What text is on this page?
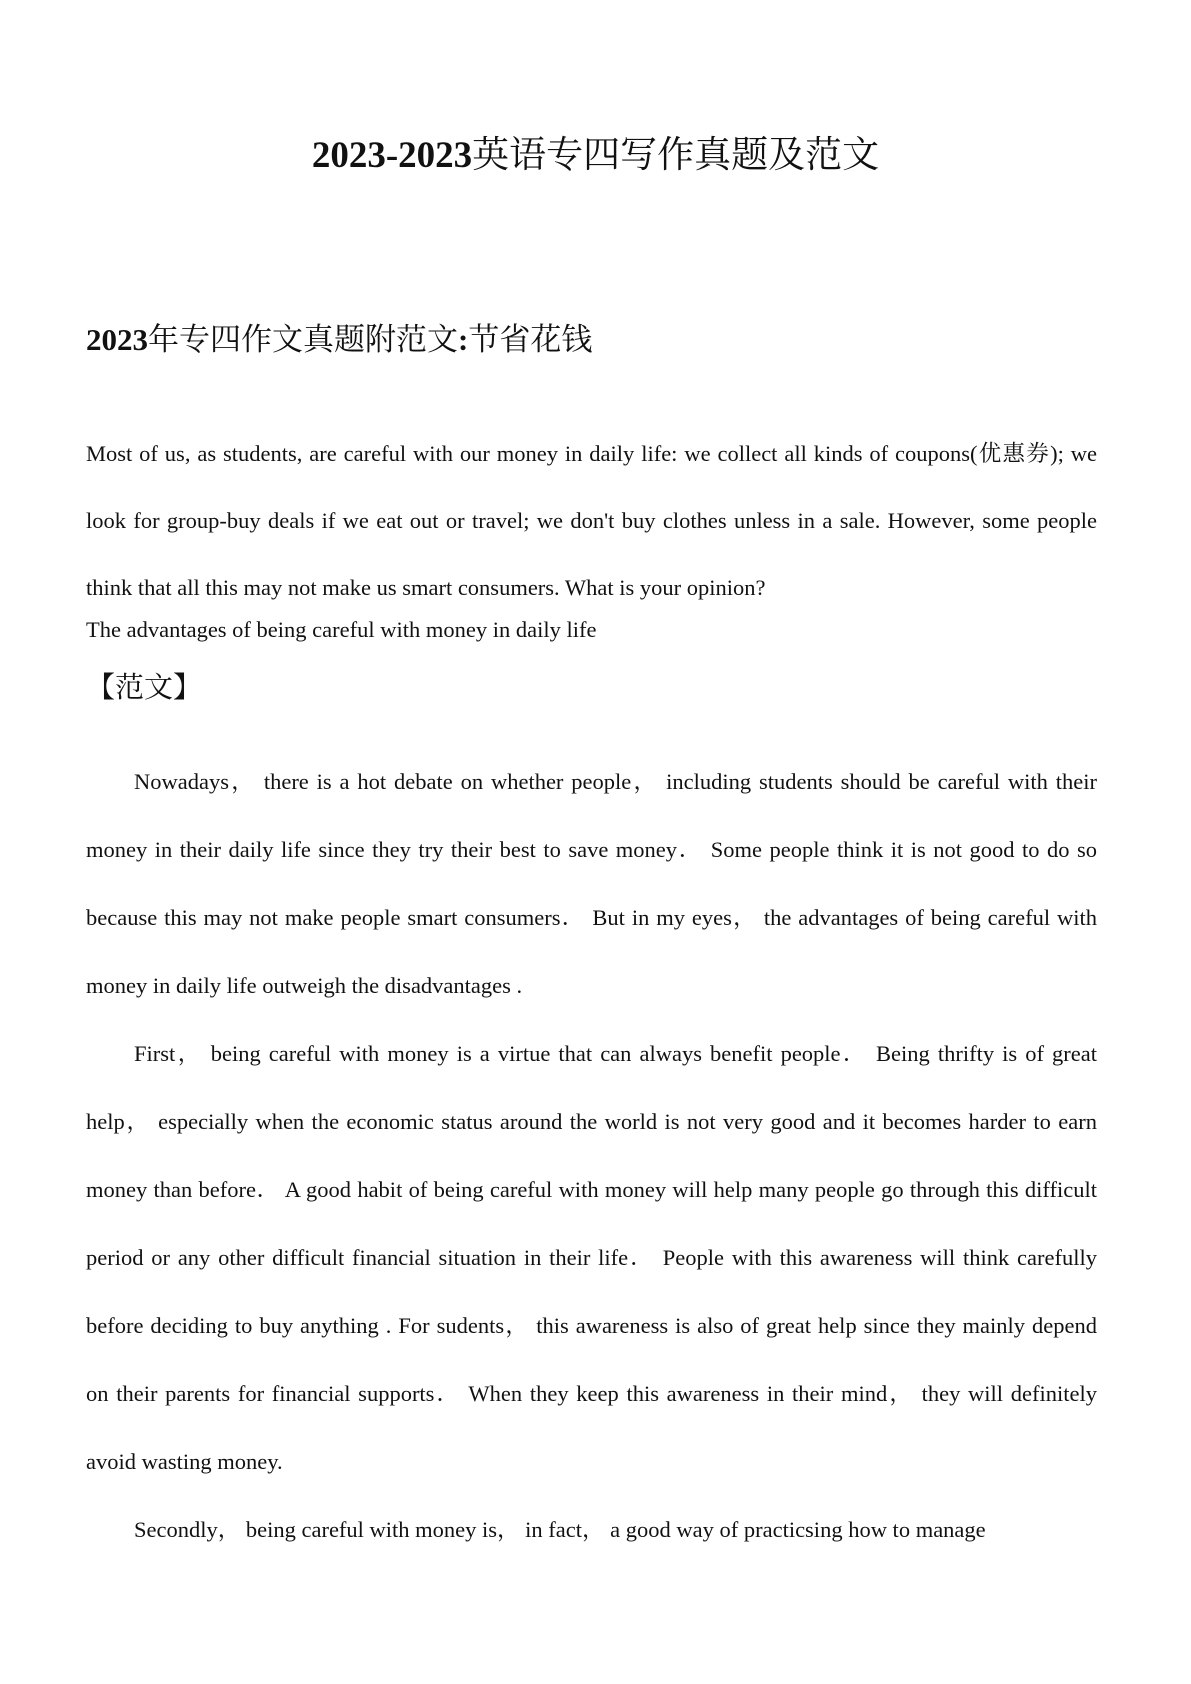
2023-2023英语专四写作真题及范文
2023年专四作文真题附范文:节省花钱

Most of us, as students, are careful with our money in daily life: we collect all kinds of coupons(优惠券); we look for group-buy deals if we eat out or travel; we don't buy clothes unless in a sale. However, some people think that all this may not make us smart consumers. What is your opinion?

The advantages of being careful with money in daily life

【范文】

Nowadays， there is a hot debate on whether people， including students should be careful with their money in their daily life since they try their best to save money． Some people think it is not good to do so because this may not make people smart consumers． But in my eyes， the advantages of being careful with money in daily life outweigh the disadvantages .

First， being careful with money is a virtue that can always benefit people． Being thrifty is of great help， especially when the economic status around the world is not very good and it becomes harder to earn money than before． A good habit of being careful with money will help many people go through this difficult period or any other difficult financial situation in their life． People with this awareness will think carefully before deciding to buy anything . For sudents， this awareness is also of great help since they mainly depend on their parents for financial supports． When they keep this awareness in their mind， they will definitely avoid wasting money.

Secondly， being careful with money is， in fact， a good way of practicsing how to manage
